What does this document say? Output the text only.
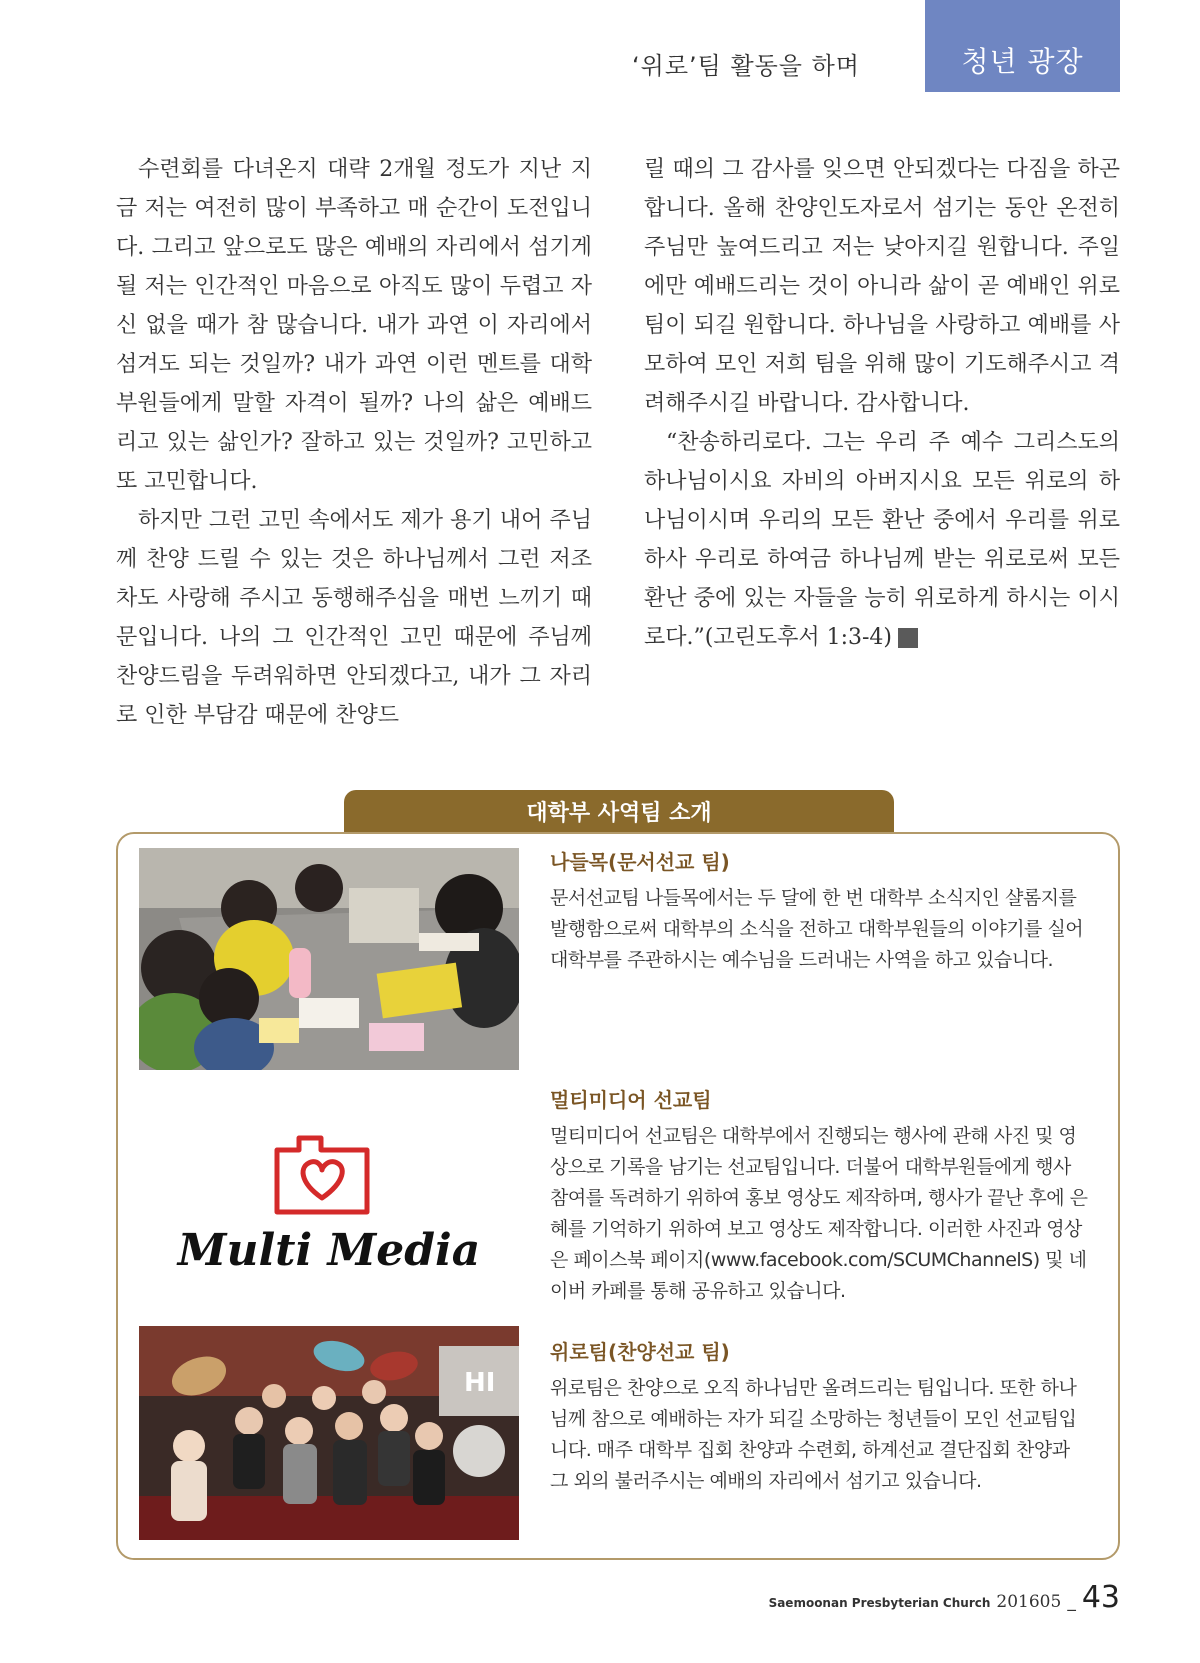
‘위로’팀 활동을 하며	청년 광장

수련회를 다녀온지 대략 2개월 정도가 지난 지금 저는 여전히 많이 부족하고 매 순간이 도전입니다. 그리고 앞으로도 많은 예배의 자리에서 섬기게 될 저는 인간적인 마음으로 아직도 많이 두렵고 자신 없을 때가 참 많습니다. 내가 과연 이 자리에서 섬겨도 되는 것일까? 내가 과연 이런 멘트를 대학부원들에게 말할 자격이 될까? 나의 삶은 예배드리고 있는 삶인가? 잘하고 있는 것일까? 고민하고 또 고민합니다.

하지만 그런 고민 속에서도 제가 용기 내어 주님께 찬양 드릴 수 있는 것은 하나님께서 그런 저조차도 사랑해 주시고 동행해주심을 매번 느끼기 때문입니다. 나의 그 인간적인 고민 때문에 주님께 찬양드림을 두려워하면 안되겠다고, 내가 그 자리로 인한 부담감 때문에 찬양드

릴 때의 그 감사를 잊으면 안되겠다는 다짐을 하곤 합니다. 올해 찬양인도자로서 섬기는 동안 온전히 주님만 높여드리고 저는 낮아지길 원합니다. 주일에만 예배드리는 것이 아니라 삶이 곧 예배인 위로팀이 되길 원합니다. 하나님을 사랑하고 예배를 사모하여 모인 저희 팀을 위해 많이 기도해주시고 격려해주시길 바랍니다. 감사합니다.

“찬송하리로다. 그는 우리 주 예수 그리스도의 하나님이시요 자비의 아버지시요 모든 위로의 하나님이시며 우리의 모든 환난 중에서 우리를 위로하사 우리로 하여금 하나님께 받는 위로로써 모든 환난 중에 있는 자들을 능히 위로하게 하시는 이시로다.”(고린도후서 1:3-4) 새

대학부 사역팀 소개

나들목(문서선교 팀)

문서선교팀 나들목에서는 두 달에 한 번 대학부 소식지인 샬롬지를 발행함으로써 대학부의 소식을 전하고 대학부원들의 이야기를 실어 대학부를 주관하시는 예수님을 드러내는 사역을 하고 있습니다.

Multi Media

멀티미디어 선교팀

멀티미디어 선교팀은 대학부에서 진행되는 행사에 관해 사진 및 영상으로 기록을 남기는 선교팀입니다. 더불어 대학부원들에게 행사 참여를 독려하기 위하여 홍보 영상도 제작하며, 행사가 끝난 후에 은혜를 기억하기 위하여 보고 영상도 제작합니다. 이러한 사진과 영상은 페이스북 페이지(www.facebook.com/SCUMChannelS) 및 네이버 카페를 통해 공유하고 있습니다.

HI

위로팀(찬양선교 팀)

위로팀은 찬양으로 오직 하나님만 올려드리는 팀입니다. 또한 하나님께 참으로 예배하는 자가 되길 소망하는 청년들이 모인 선교팀입니다. 매주 대학부 집회 찬양과 수련회, 하계선교 결단집회 찬양과 그 외의 불러주시는 예배의 자리에서 섬기고 있습니다.

Saemoonan Presbyterian Church 201605 _ 43
